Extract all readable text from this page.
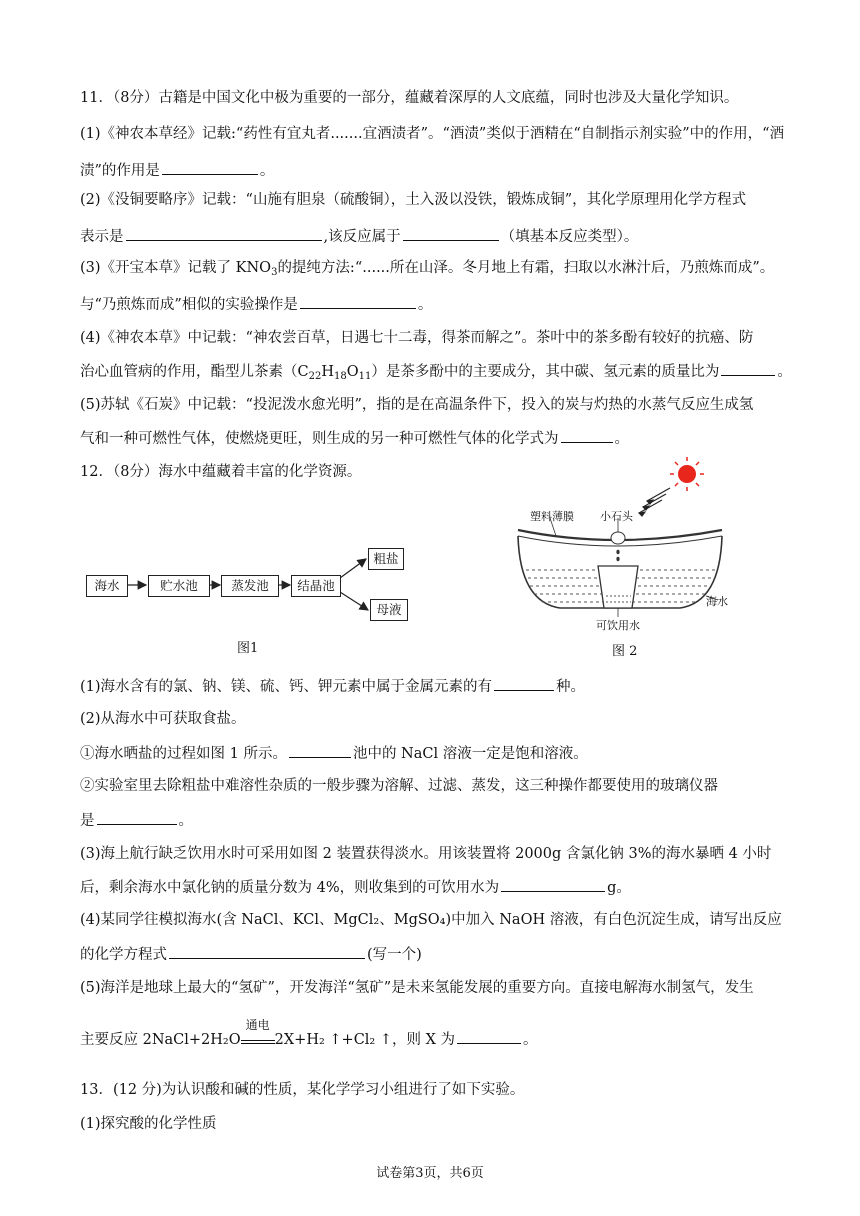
11．（8分）古籍是中国文化中极为重要的一部分，蕴藏着深厚的人文底蕴，同时也涉及大量化学知识。
(1)《神农本草经》记载:“药性有宜丸者.......宜酒渍者”。“酒渍”类似于酒精在“自制指示剂实验”中的作用，“酒
渍”的作用是	。
(2)《没铜要略序》记载：“山施有胆泉（硫酸铜），土入汲以没铁，锻炼成铜”，其化学原理用化学方程式
表示是	,该反应属于	（填基本反应类型）。
(3)《开宝本草》记载了 $KNO_3$的提纯方法:“......所在山泽。冬月地上有霜，扫取以水淋汁后，乃煎炼而成”。
与“乃煎炼而成”相似的实验操作是	。
(4)《神农本草》中记载：“神农尝百草，日遇七十二毒，得茶而解之”。茶叶中的茶多酚有较好的抗癌、防
治心血管病的作用，酯型儿茶素$(C_{22}H_{18}O_{11})$是茶多酚中的主要成分，其中碳、氢元素的质量比为	。
(5)苏轼《石炭》中记载：“投泥泼水愈光明”，指的是在高温条件下，投入的炭与灼热的水蒸气反应生成氢
气和一种可燃性气体，使燃烧更旺，则生成的另一种可燃性气体的化学式为	。
12．（8分）海水中蕴藏着丰富的化学资源。
海水	贮水池	蒸发池	结晶池
粗盐
母液
图1
塑料薄膜 小石头
海水
可饮用水
图 2
(1)海水含有的氯、钠、镁、硫、钙、钾元素中属于金属元素的有	种。
(2)从海水中可获取食盐。
①海水晒盐的过程如图 1 所示。	池中的 NaCl 溶液一定是饱和溶液。
②实验室里去除粗盐中难溶性杂质的一般步骤为溶解、过滤、蒸发，这三种操作都要使用的玻璃仪器
是	。
(3)海上航行缺乏饮用水时可采用如图 2 装置获得淡水。用该装置将 2000g 含氯化钠 3%的海水暴晒 4 小时
后，剩余海水中氯化钠的质量分数为 4%，则收集到的可饮用水为	g。
(4)某同学往模拟海水(含 NaCl、KCl、MgCl₂、MgSO₄)中加入 NaOH 溶液，有白色沉淀生成，请写出反应
的化学方程式	(写一个)
(5)海洋是地球上最大的“氢矿”，开发海洋“氢矿”是未来氢能发展的重要方向。直接电解海水制氢气，发生
主要反应 2NaCl+2H₂O
通电
2X+H₂ ↑+Cl₂ ↑，则 X 为	。
13．(12 分)为认识酸和碱的性质，某化学学习小组进行了如下实验。
(1)探究酸的化学性质
试卷第3页，共6页
